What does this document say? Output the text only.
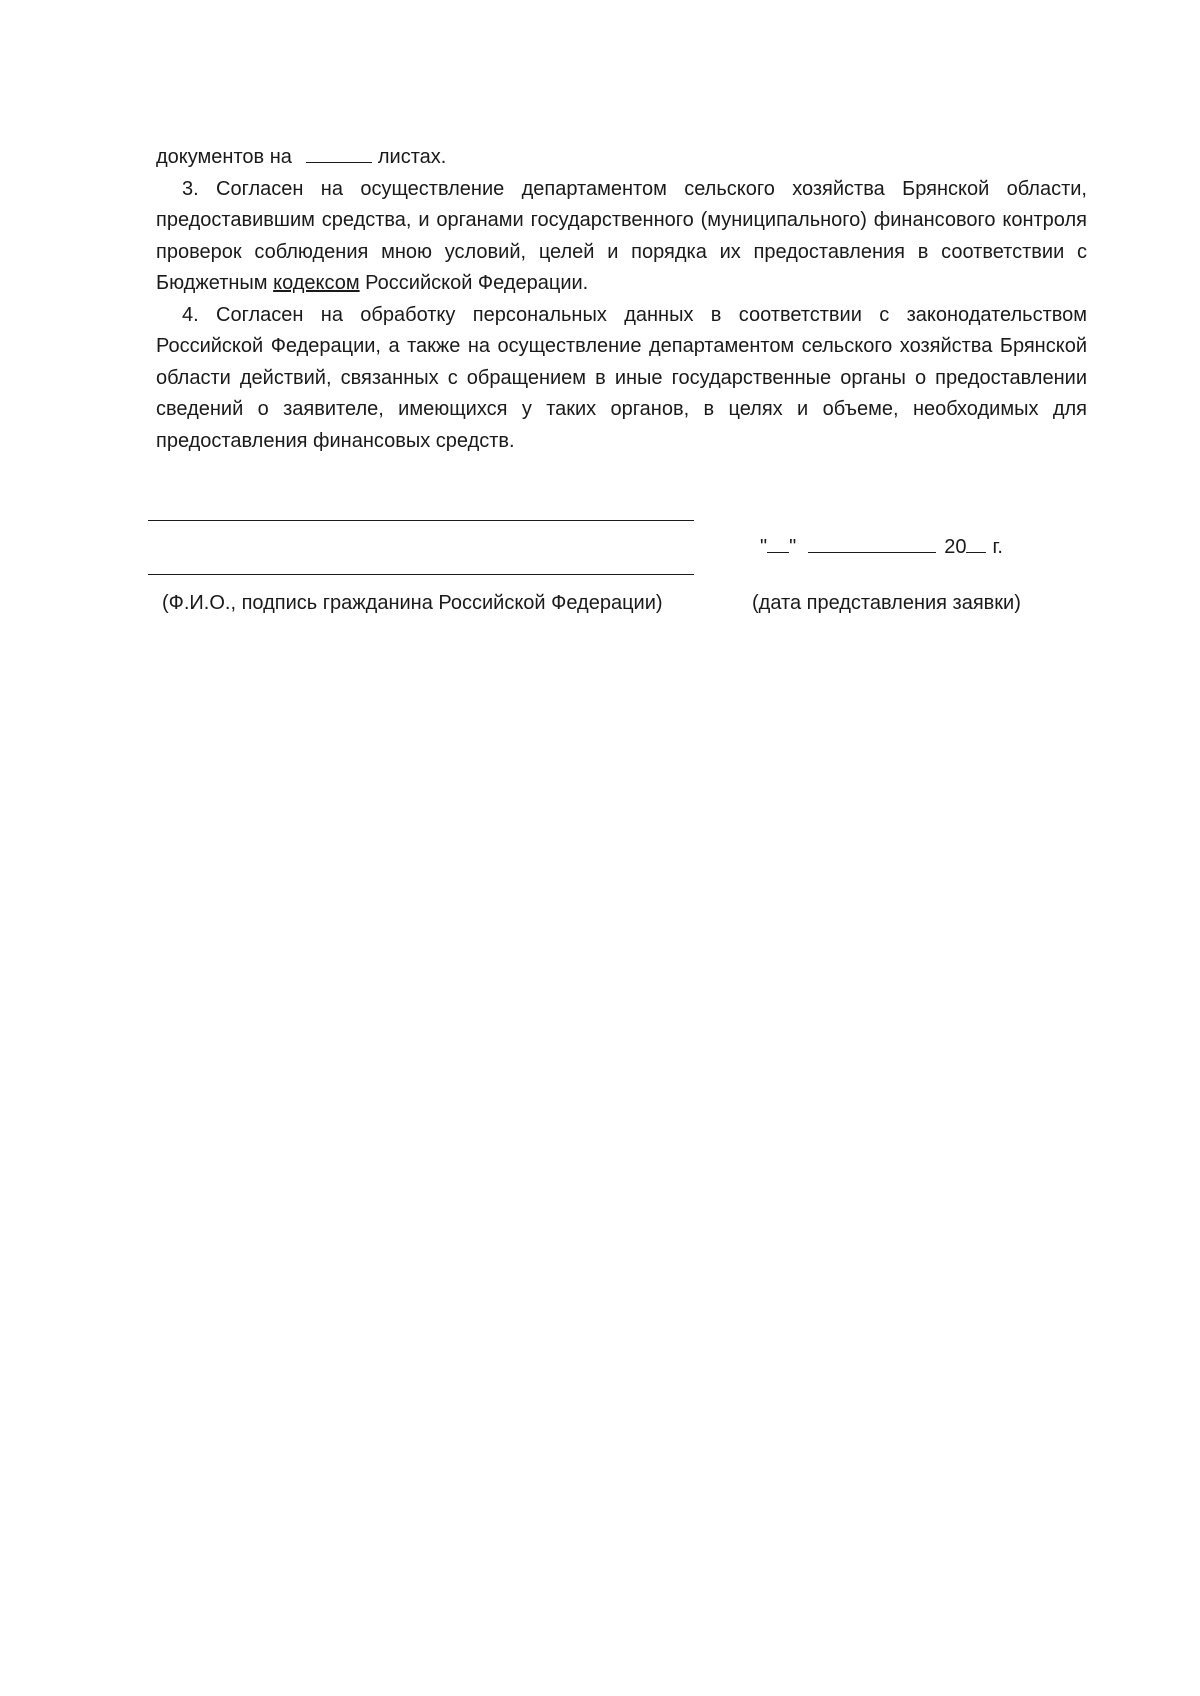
документов на	листах.

3. Согласен на осуществление департаментом сельского хозяйства Брянской области, предоставившим средства, и органами государственного (муниципального) финансового контроля проверок соблюдения мною условий, целей и порядка их предоставления в соответствии с Бюджетным кодексом Российской Федерации.

4. Согласен на обработку персональных данных в соответствии с законодательством Российской Федерации, а также на осуществление департаментом сельского хозяйства Брянской области действий, связанных с обращением в иные государственные органы о предоставлении сведений о заявителе, имеющихся у таких органов, в целях и объеме, необходимых для предоставления финансовых средств.

" "	20 г.
(Ф.И.О., подпись гражданина Российской Федерации)	(дата представления заявки)
